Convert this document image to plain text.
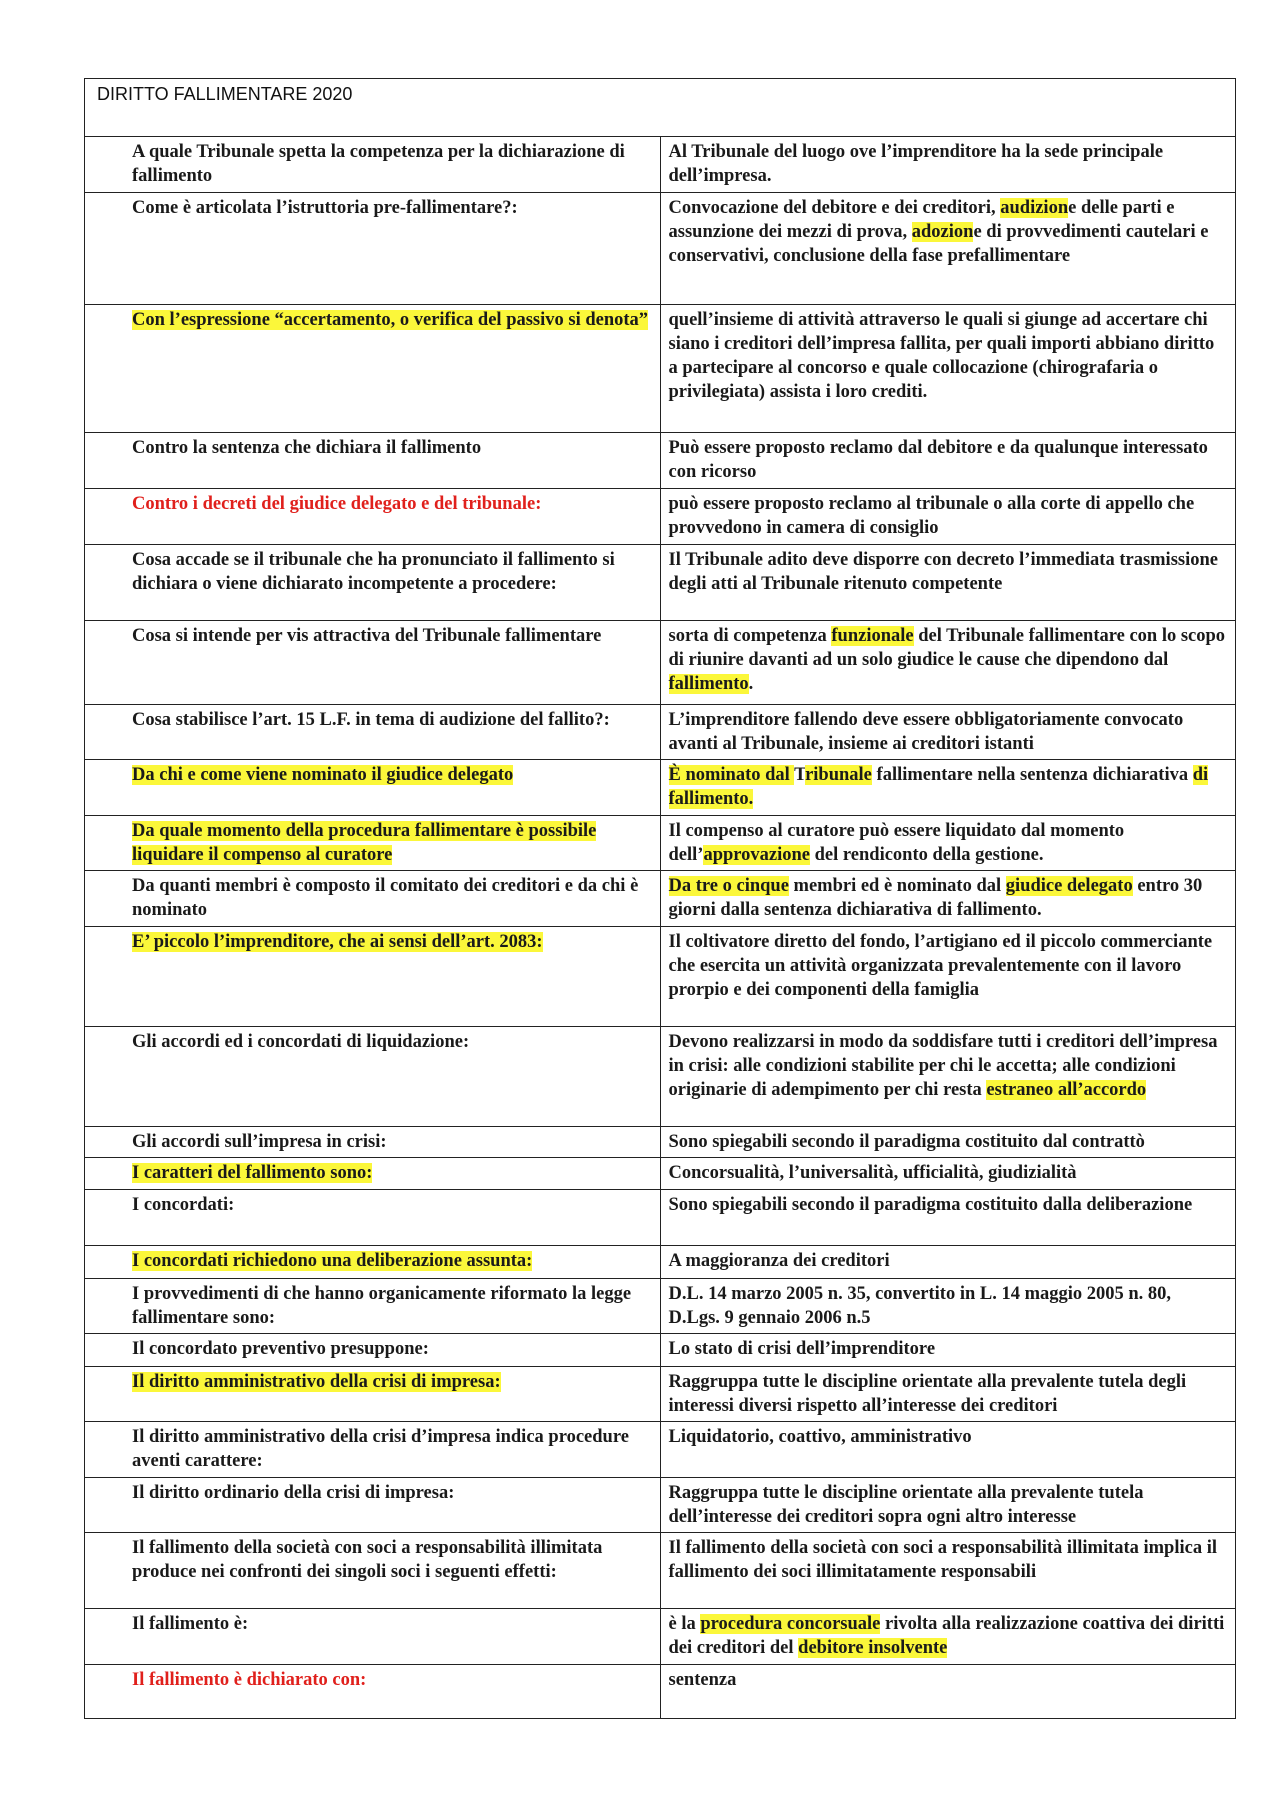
DIRITTO FALLIMENTARE 2020
A quale Tribunale spetta la competenza per la dichiarazione di fallimento	Al Tribunale del luogo ove l’imprenditore ha la sede principale dell’impresa.
Come è articolata l’istruttoria pre-fallimentare?:	Convocazione del debitore e dei creditori, audizione delle parti e assunzione dei mezzi di prova, adozione di provvedimenti cautelari e conservativi, conclusione della fase prefallimentare
Con l’espressione “accertamento, o verifica del passivo si denota”	quell’insieme di attività attraverso le quali si giunge ad accertare chi siano i creditori dell’impresa fallita, per quali importi abbiano diritto a partecipare al concorso e quale collocazione (chirografaria o privilegiata) assista i loro crediti.
Contro la sentenza che dichiara il fallimento	Può essere proposto reclamo dal debitore e da qualunque interessato con ricorso
Contro i decreti del giudice delegato e del tribunale:	può essere proposto reclamo al tribunale o alla corte di appello che provvedono in camera di consiglio
Cosa accade se il tribunale che ha pronunciato il fallimento si dichiara o viene dichiarato incompetente a procedere:	Il Tribunale adito deve disporre con decreto l’immediata trasmissione degli atti al Tribunale ritenuto competente
Cosa si intende per vis attractiva del Tribunale fallimentare	sorta di competenza funzionale del Tribunale fallimentare con lo scopo di riunire davanti ad un solo giudice le cause che dipendono dal fallimento.
Cosa stabilisce l’art. 15 L.F. in tema di audizione del fallito?:	L’imprenditore fallendo deve essere obbligatoriamente convocato avanti al Tribunale, insieme ai creditori istanti
Da chi e come viene nominato il giudice delegato	È nominato dal Tribunale fallimentare nella sentenza dichiarativa di fallimento.
Da quale momento della procedura fallimentare è possibile liquidare il compenso al curatore	Il compenso al curatore può essere liquidato dal momento dell’approvazione del rendiconto della gestione.
Da quanti membri è composto il comitato dei creditori e da chi è nominato	Da tre o cinque membri ed è nominato dal giudice delegato entro 30 giorni dalla sentenza dichiarativa di fallimento.
E’ piccolo l’imprenditore, che ai sensi dell’art. 2083:	Il coltivatore diretto del fondo, l’artigiano ed il piccolo commerciante che esercita un attività organizzata prevalentemente con il lavoro prorpio e dei componenti della famiglia
Gli accordi ed i concordati di liquidazione:	Devono realizzarsi in modo da soddisfare tutti i creditori dell’impresa in crisi: alle condizioni stabilite per chi le accetta; alle condizioni originarie di adempimento per chi resta estraneo all’accordo
Gli accordi sull’impresa in crisi:	Sono spiegabili secondo il paradigma costituito dal contrattò
I caratteri del fallimento sono:	Concorsualità, l’universalità, ufficialità, giudizialità
I concordati:	Sono spiegabili secondo il paradigma costituito dalla deliberazione
I concordati richiedono una deliberazione assunta:	A maggioranza dei creditori
I provvedimenti di che hanno organicamente riformato la legge fallimentare sono:	D.L. 14 marzo 2005 n. 35, convertito in L. 14 maggio 2005 n. 80, D.Lgs. 9 gennaio 2006 n.5
Il concordato preventivo presuppone:	Lo stato di crisi dell’imprenditore
Il diritto amministrativo della crisi di impresa:	Raggruppa tutte le discipline orientate alla prevalente tutela degli interessi diversi rispetto all’interesse dei creditori
Il diritto amministrativo della crisi d’impresa indica procedure aventi carattere:	Liquidatorio, coattivo, amministrativo
Il diritto ordinario della crisi di impresa:	Raggruppa tutte le discipline orientate alla prevalente tutela dell’interesse dei creditori sopra ogni altro interesse
Il fallimento della società con soci a responsabilità illimitata produce nei confronti dei singoli soci i seguenti effetti:	Il fallimento della società con soci a responsabilità illimitata implica il fallimento dei soci illimitatamente responsabili
Il fallimento è:	è la procedura concorsuale rivolta alla realizzazione coattiva dei diritti dei creditori del debitore insolvente
Il fallimento è dichiarato con:	sentenza
